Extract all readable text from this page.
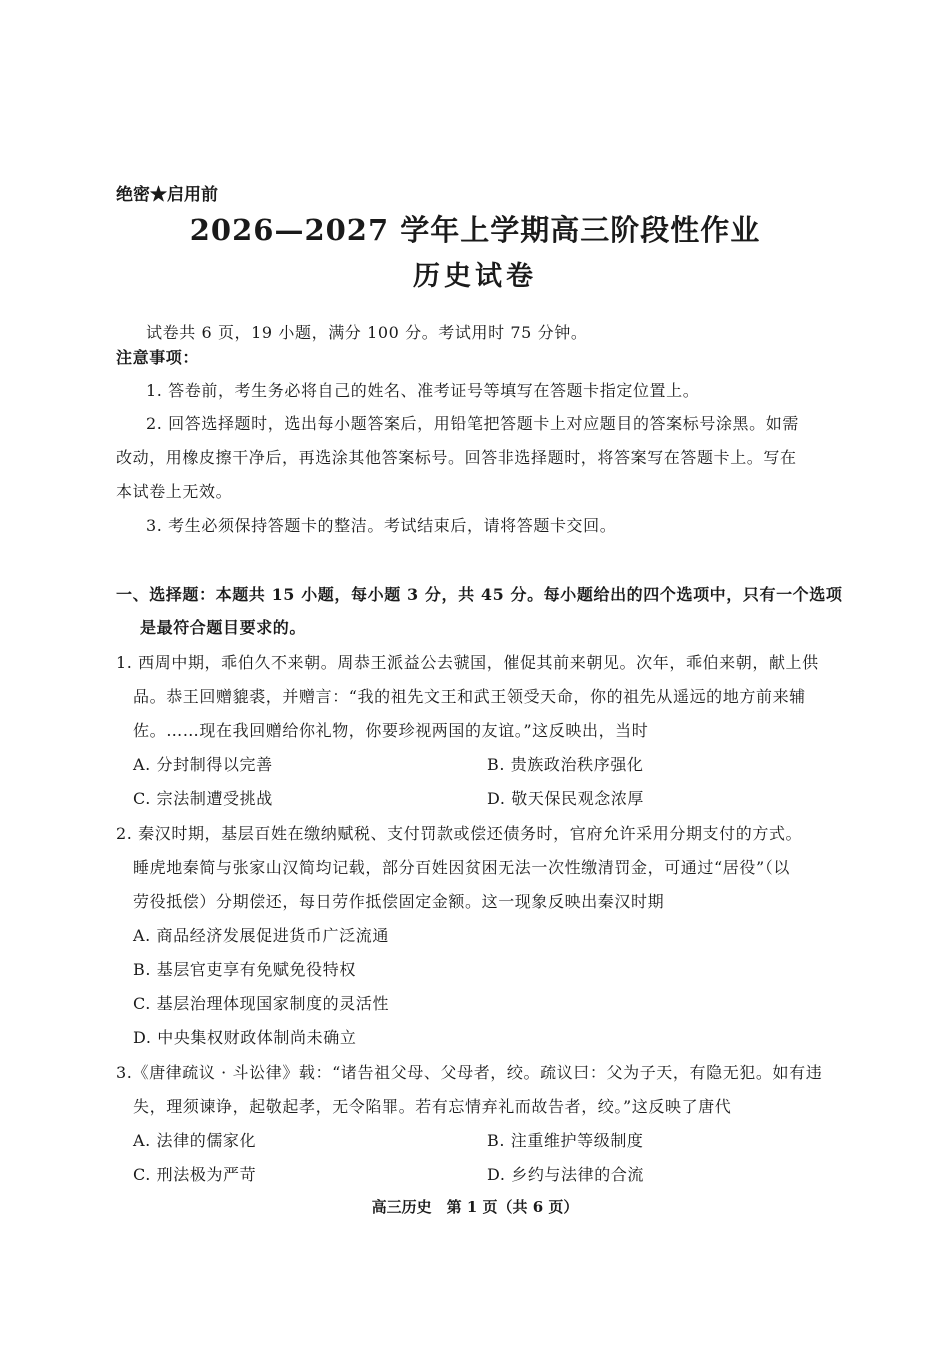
绝密★启用前
2026—2027 学年上学期高三阶段性作业
历史试卷
试卷共 6 页，19 小题，满分 100 分。考试用时 75 分钟。
注意事项：
1. 答卷前，考生务必将自己的姓名、准考证号等填写在答题卡指定位置上。
2. 回答选择题时，选出每小题答案后，用铅笔把答题卡上对应题目的答案标号涂黑。如需
改动，用橡皮擦干净后，再选涂其他答案标号。回答非选择题时，将答案写在答题卡上。写在
本试卷上无效。
3. 考生必须保持答题卡的整洁。考试结束后，请将答题卡交回。
一、选择题：本题共 15 小题，每小题 3 分，共 45 分。每小题给出的四个选项中，只有一个选项
是最符合题目要求的。
1. 西周中期，乖伯久不来朝。周恭王派益公去虢国，催促其前来朝见。次年，乖伯来朝，献上供
品。恭王回赠貔裘，并赠言：“我的祖先文王和武王领受天命，你的祖先从遥远的地方前来辅
佐。……现在我回赠给你礼物，你要珍视两国的友谊。”这反映出，当时
A. 分封制得以完善	B. 贵族政治秩序强化
C. 宗法制遭受挑战	D. 敬天保民观念浓厚
2. 秦汉时期，基层百姓在缴纳赋税、支付罚款或偿还债务时，官府允许采用分期支付的方式。
睡虎地秦简与张家山汉简均记载，部分百姓因贫困无法一次性缴清罚金，可通过“居役”（以
劳役抵偿）分期偿还，每日劳作抵偿固定金额。这一现象反映出秦汉时期
A. 商品经济发展促进货币广泛流通
B. 基层官吏享有免赋免役特权
C. 基层治理体现国家制度的灵活性
D. 中央集权财政体制尚未确立
3.《唐律疏议 · 斗讼律》载：“诸告祖父母、父母者，绞。疏议曰：父为子天，有隐无犯。如有违
失，理须谏诤，起敬起孝，无令陷罪。若有忘情弃礼而故告者，绞。”这反映了唐代
A. 法律的儒家化	B. 注重维护等级制度
C. 刑法极为严苛	D. 乡约与法律的合流
高三历史　第 1 页（共 6 页）
